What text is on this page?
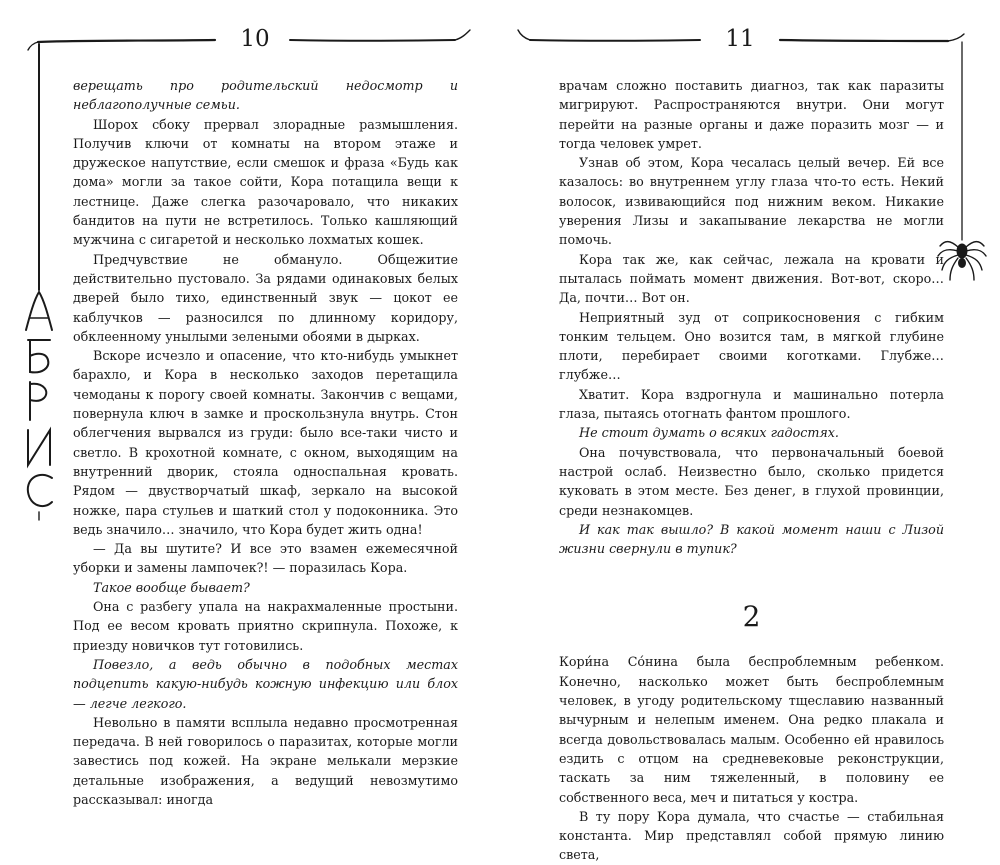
10

верещать про родительский недосмотр и неблагополучные семьи.

Шорох сбоку прервал злорадные размышления. Получив ключи от комнаты на втором этаже и дружеское напутствие, если смешок и фраза «Будь как дома» могли за такое сойти, Кора потащила вещи к лестнице. Даже слегка разочаровало, что никаких бандитов на пути не встретилось. Только кашляющий мужчина с сигаретой и несколько лохматых кошек.

Предчувствие не обмануло. Общежитие действительно пустовало. За рядами одинаковых белых дверей было тихо, единственный звук — цокот ее каблучков — разносился по длинному коридору, обклеенному унылыми зелеными обоями в дырках.

Вскоре исчезло и опасение, что кто-нибудь умыкнет барахло, и Кора в несколько заходов перетащила чемоданы к порогу своей комнаты. Закончив с вещами, повернула ключ в замке и проскользнула внутрь. Стон облегчения вырвался из груди: было все-таки чисто и светло. В крохотной комнате, с окном, выходящим на внутренний дворик, стояла односпальная кровать. Рядом — двустворчатый шкаф, зеркало на высокой ножке, пара стульев и шаткий стол у подоконника. Это ведь значило… значило, что Кора будет жить одна!

— Да вы шутите? И все это взамен ежемесячной уборки и замены лампочек?! — поразилась Кора.

Такое вообще бывает?

Она с разбегу упала на накрахмаленные простыни. Под ее весом кровать приятно скрипнула. Похоже, к приезду новичков тут готовились.

Повезло, а ведь обычно в подобных местах подцепить какую-нибудь кожную инфекцию или блох — легче легкого.

Невольно в памяти всплыла недавно просмотренная передача. В ней говорилось о паразитах, которые могли завестись под кожей. На экране мелькали мерзкие детальные изображения, а ведущий невозмутимо рассказывал: иногда

11

врачам сложно поставить диагноз, так как паразиты мигрируют. Распространяются внутри. Они могут перейти на разные органы и даже поразить мозг — и тогда человек умрет.

Узнав об этом, Кора чесалась целый вечер. Ей все казалось: во внутреннем углу глаза что-то есть. Некий волосок, извивающийся под нижним веком. Никакие уверения Лизы и закапывание лекарства не могли помочь.

Кора так же, как сейчас, лежала на кровати и пыталась поймать момент движения. Вот-вот, скоро… Да, почти… Вот он.

Неприятный зуд от соприкосновения с гибким тонким тельцем. Оно возится там, в мягкой глубине плоти, перебирает своими коготками. Глубже… глубже…

Хватит. Кора вздрогнула и машинально потерла глаза, пытаясь отогнать фантом прошлого.

Не стоит думать о всяких гадостях.

Она почувствовала, что первоначальный боевой настрой ослаб. Неизвестно было, сколько придется куковать в этом месте. Без денег, в глухой провинции, среди незнакомцев.

И как так вышло? В какой момент наши с Лизой жизни свернули в тупик?

2

Кори́на Со́нина была беспроблемным ребенком. Конечно, насколько может быть беспроблемным человек, в угоду родительскому тщеславию названный вычурным и нелепым именем. Она редко плакала и всегда довольствовалась малым. Особенно ей нравилось ездить с отцом на средневековые реконструкции, таскать за ним тяжеленный, в половину ее собственного веса, меч и питаться у костра.

В ту пору Кора думала, что счастье — стабильная константа. Мир представлял собой прямую линию света,
